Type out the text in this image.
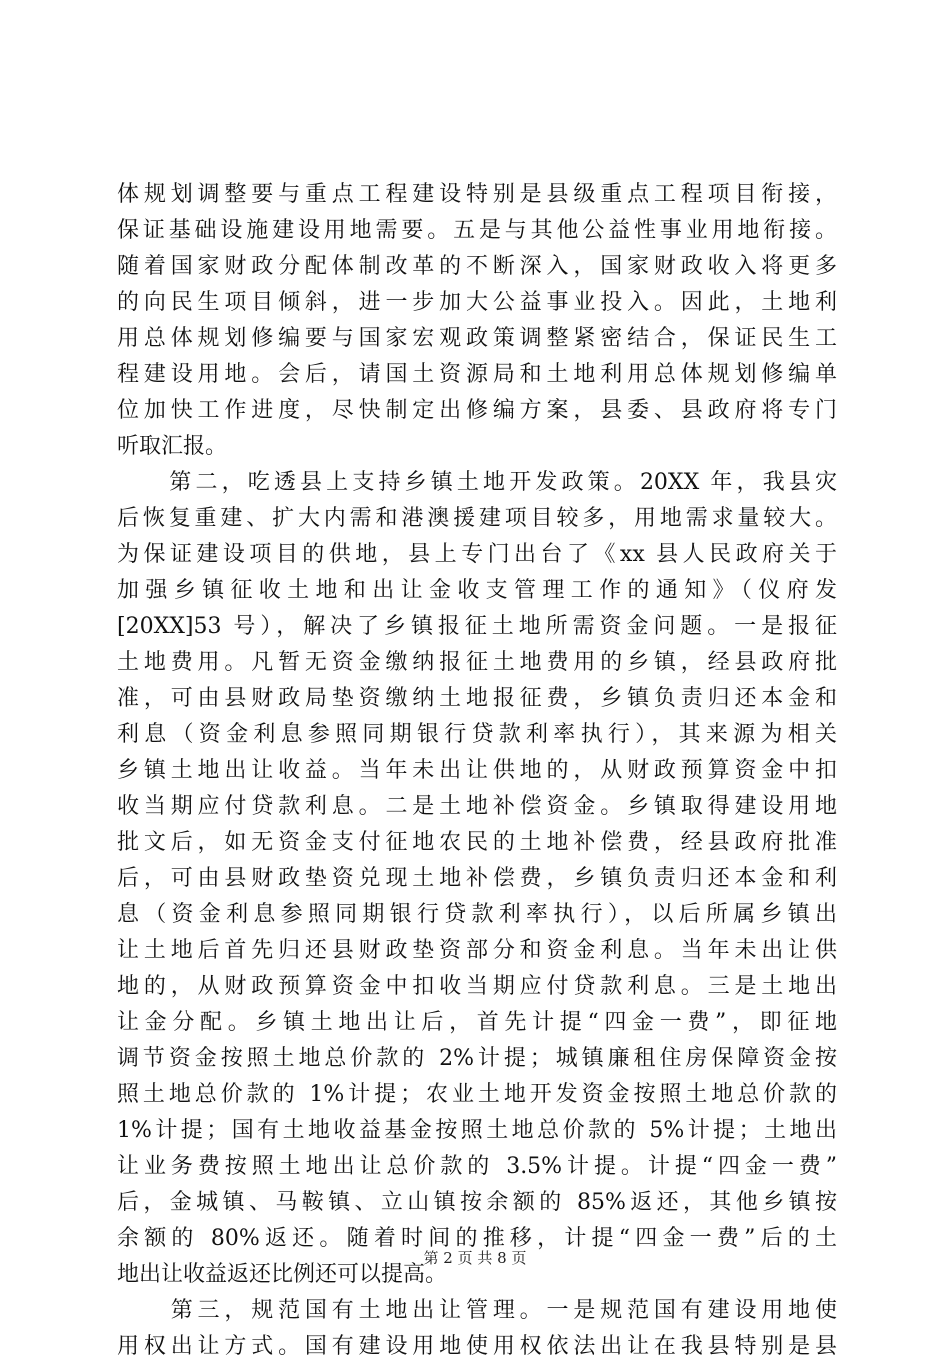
体规划调整要与重点工程建设特别是县级重点工程项目衔接，
保证基础设施建设用地需要。五是与其他公益性事业用地衔接。
随着国家财政分配体制改革的不断深入，国家财政收入将更多
的向民生项目倾斜，进一步加大公益事业投入。因此，土地利
用总体规划修编要与国家宏观政策调整紧密结合，保证民生工
程建设用地。会后，请国土资源局和土地利用总体规划修编单
位加快工作进度，尽快制定出修编方案，县委、县政府将专门
听取汇报。
　　第二，吃透县上支持乡镇土地开发政策。20XX 年，我县灾
后恢复重建、扩大内需和港澳援建项目较多，用地需求量较大。
为保证建设项目的供地，县上专门出台了《xx 县人民政府关于
加强乡镇征收土地和出让金收支管理工作的通知》（仪府发
[20XX]53 号），解决了乡镇报征土地所需资金问题。一是报征
土地费用。凡暂无资金缴纳报征土地费用的乡镇，经县政府批
准，可由县财政局垫资缴纳土地报征费，乡镇负责归还本金和
利息（资金利息参照同期银行贷款利率执行），其来源为相关
乡镇土地出让收益。当年未出让供地的，从财政预算资金中扣
收当期应付贷款利息。二是土地补偿资金。乡镇取得建设用地
批文后，如无资金支付征地农民的土地补偿费，经县政府批准
后，可由县财政垫资兑现土地补偿费，乡镇负责归还本金和利
息（资金利息参照同期银行贷款利率执行），以后所属乡镇出
让土地后首先归还县财政垫资部分和资金利息。当年未出让供
地的，从财政预算资金中扣收当期应付贷款利息。三是土地出
让金分配。乡镇土地出让后，首先计提“四金一费”，即征地
调节资金按照土地总价款的 2%计提；城镇廉租住房保障资金按
照土地总价款的 1%计提；农业土地开发资金按照土地总价款的
1%计提；国有土地收益基金按照土地总价款的 5%计提；土地出
让业务费按照土地出让总价款的 3.5%计提。计提“四金一费”
后，金城镇、马鞍镇、立山镇按余额的 85%返还，其他乡镇按
余额的 80%返还。随着时间的推移，计提“四金一费”后的土
地出让收益返还比例还可以提高。
　　第三，规范国有土地出让管理。一是规范国有建设用地使
用权出让方式。国有建设用地使用权依法出让在我县特别是县
第 2 页 共 8 页
